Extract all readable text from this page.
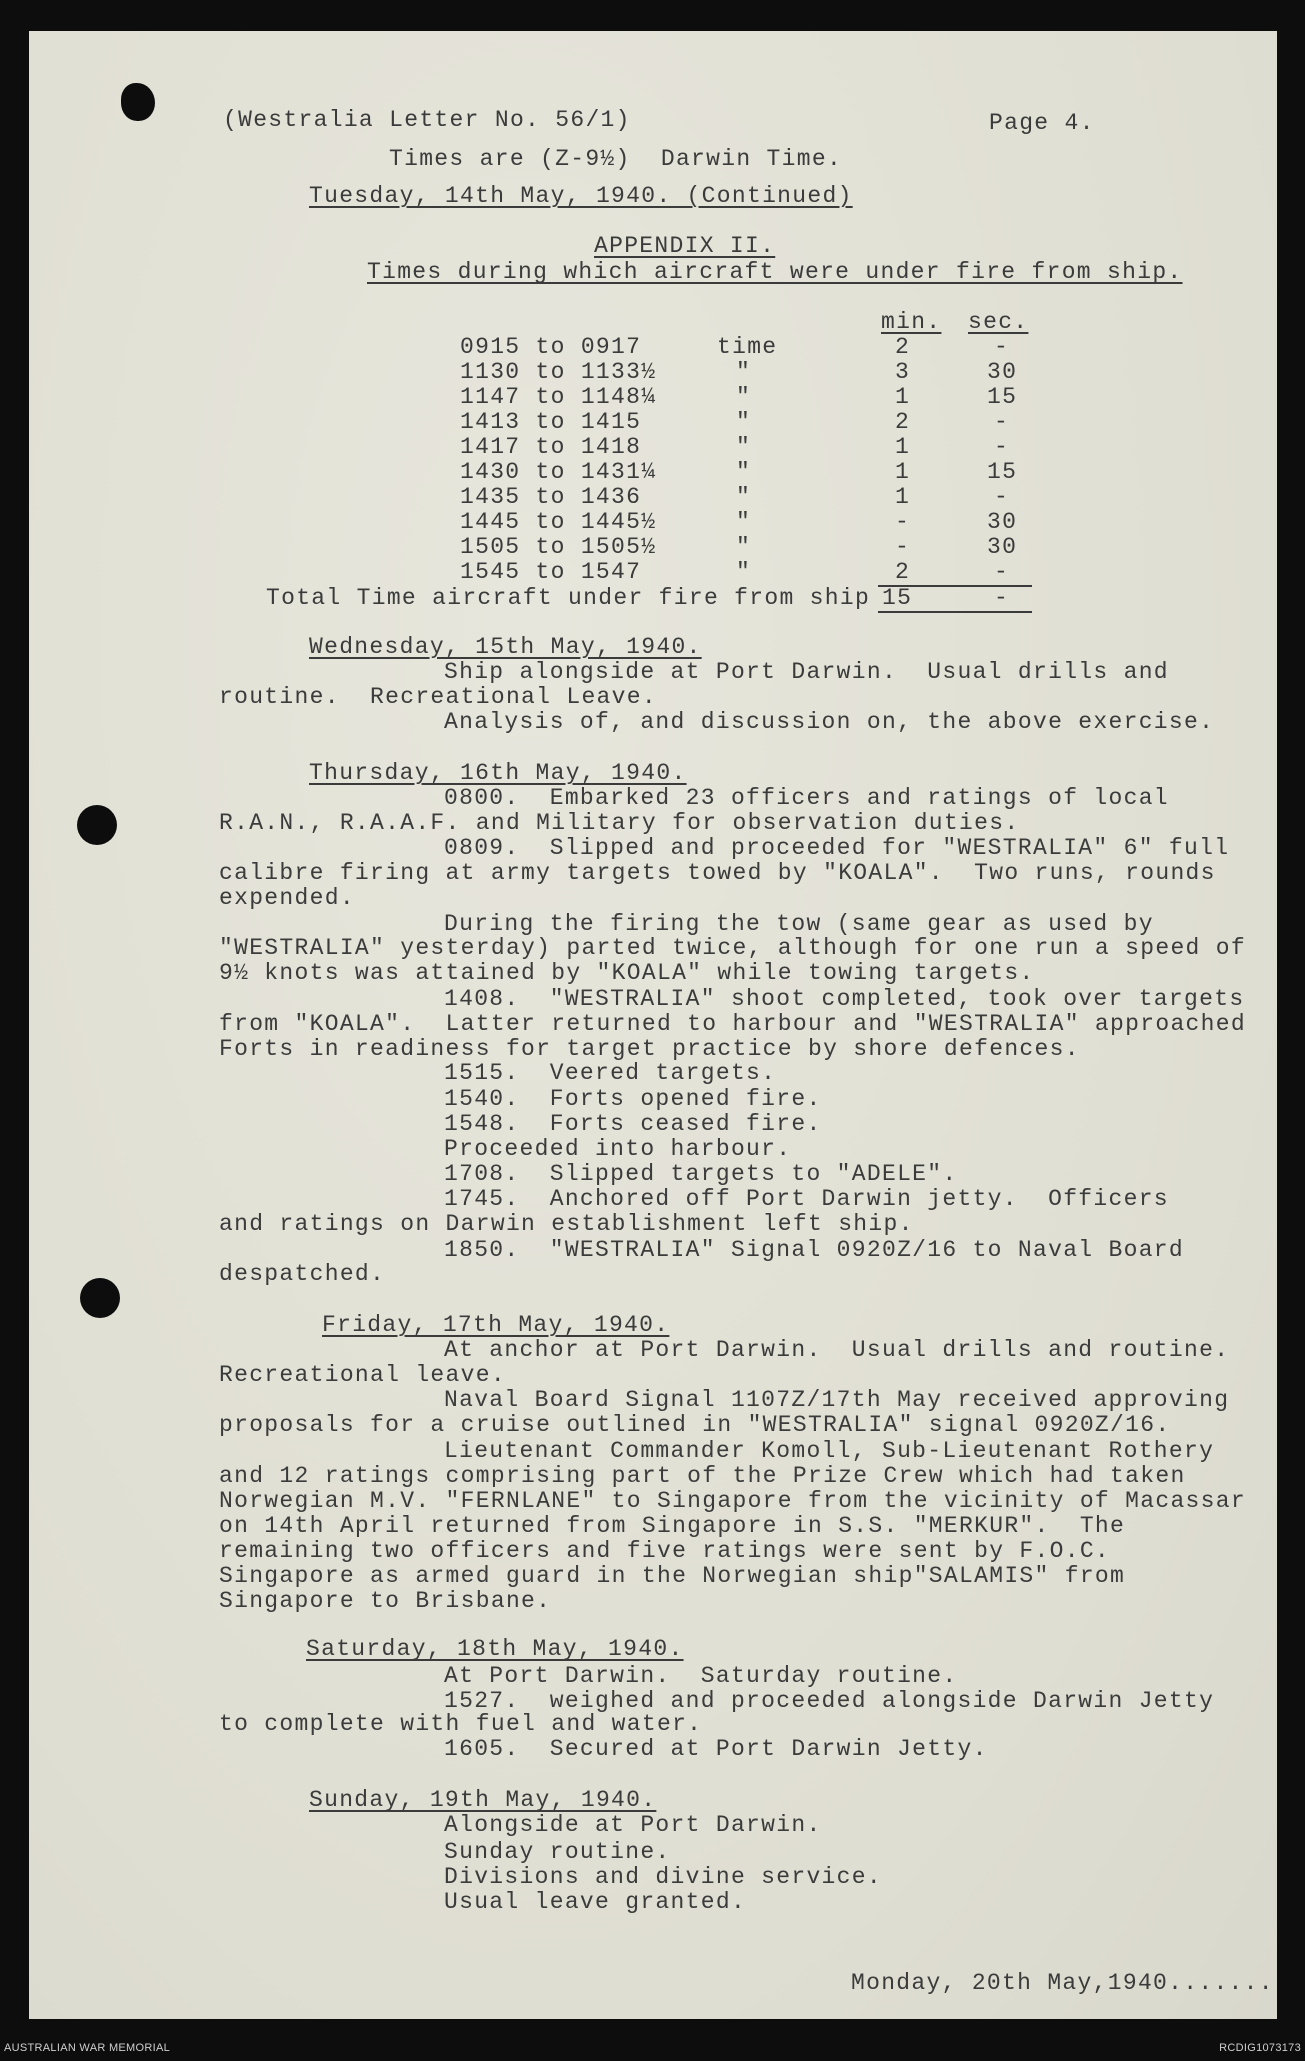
(Westralia Letter No. 56/1)	Page 4.
Times are (Z-9½)  Darwin Time.
Tuesday, 14th May, 1940. (Continued)
APPENDIX II.
Times during which aircraft were under fire from ship.
min. sec.
0915 to 0917	time	2	-
1130 to 1133½	"	3	30
1147 to 1148¼	"	1	15
1413 to 1415	"	2	-
1417 to 1418	"	1	-
1430 to 1431¼	"	1	15
1435 to 1436	"	1	-
1445 to 1445½	"	-	30
1505 to 1505½	"	-	30
1545 to 1547	"	2	-
Total Time aircraft under fire from ship 15	-
Wednesday, 15th May, 1940.
Ship alongside at Port Darwin.  Usual drills and
routine.  Recreational Leave.
Analysis of, and discussion on, the above exercise.
Thursday, 16th May, 1940.
0800.  Embarked 23 officers and ratings of local
R.A.N., R.A.A.F. and Military for observation duties.
0809.  Slipped and proceeded for "WESTRALIA" 6" full
calibre firing at army targets towed by "KOALA".  Two runs, rounds
expended.
During the firing the tow (same gear as used by
"WESTRALIA" yesterday) parted twice, although for one run a speed of
9½ knots was attained by "KOALA" while towing targets.
1408.  "WESTRALIA" shoot completed, took over targets
from "KOALA".  Latter returned to harbour and "WESTRALIA" approached
Forts in readiness for target practice by shore defences.
1515.  Veered targets.
1540.  Forts opened fire.
1548.  Forts ceased fire.
Proceeded into harbour.
1708.  Slipped targets to "ADELE".
1745.  Anchored off Port Darwin jetty.  Officers
and ratings on Darwin establishment left ship.
1850.  "WESTRALIA" Signal 0920Z/16 to Naval Board
despatched.
Friday, 17th May, 1940.
At anchor at Port Darwin.  Usual drills and routine.
Recreational leave.
Naval Board Signal 1107Z/17th May received approving
proposals for a cruise outlined in "WESTRALIA" signal 0920Z/16.
Lieutenant Commander Komoll, Sub-Lieutenant Rothery
and 12 ratings comprising part of the Prize Crew which had taken
Norwegian M.V. "FERNLANE" to Singapore from the vicinity of Macassar
on 14th April returned from Singapore in S.S. "MERKUR".  The
remaining two officers and five ratings were sent by F.O.C.
Singapore as armed guard in the Norwegian ship"SALAMIS" from
Singapore to Brisbane.
Saturday, 18th May, 1940.
At Port Darwin.  Saturday routine.
1527.  weighed and proceeded alongside Darwin Jetty
to complete with fuel and water.
1605.  Secured at Port Darwin Jetty.
Sunday, 19th May, 1940.
Alongside at Port Darwin.
Sunday routine.
Divisions and divine service.
Usual leave granted.
Monday, 20th May,1940.......
AUSTRALIAN WAR MEMORIAL	RCDIG1073173
